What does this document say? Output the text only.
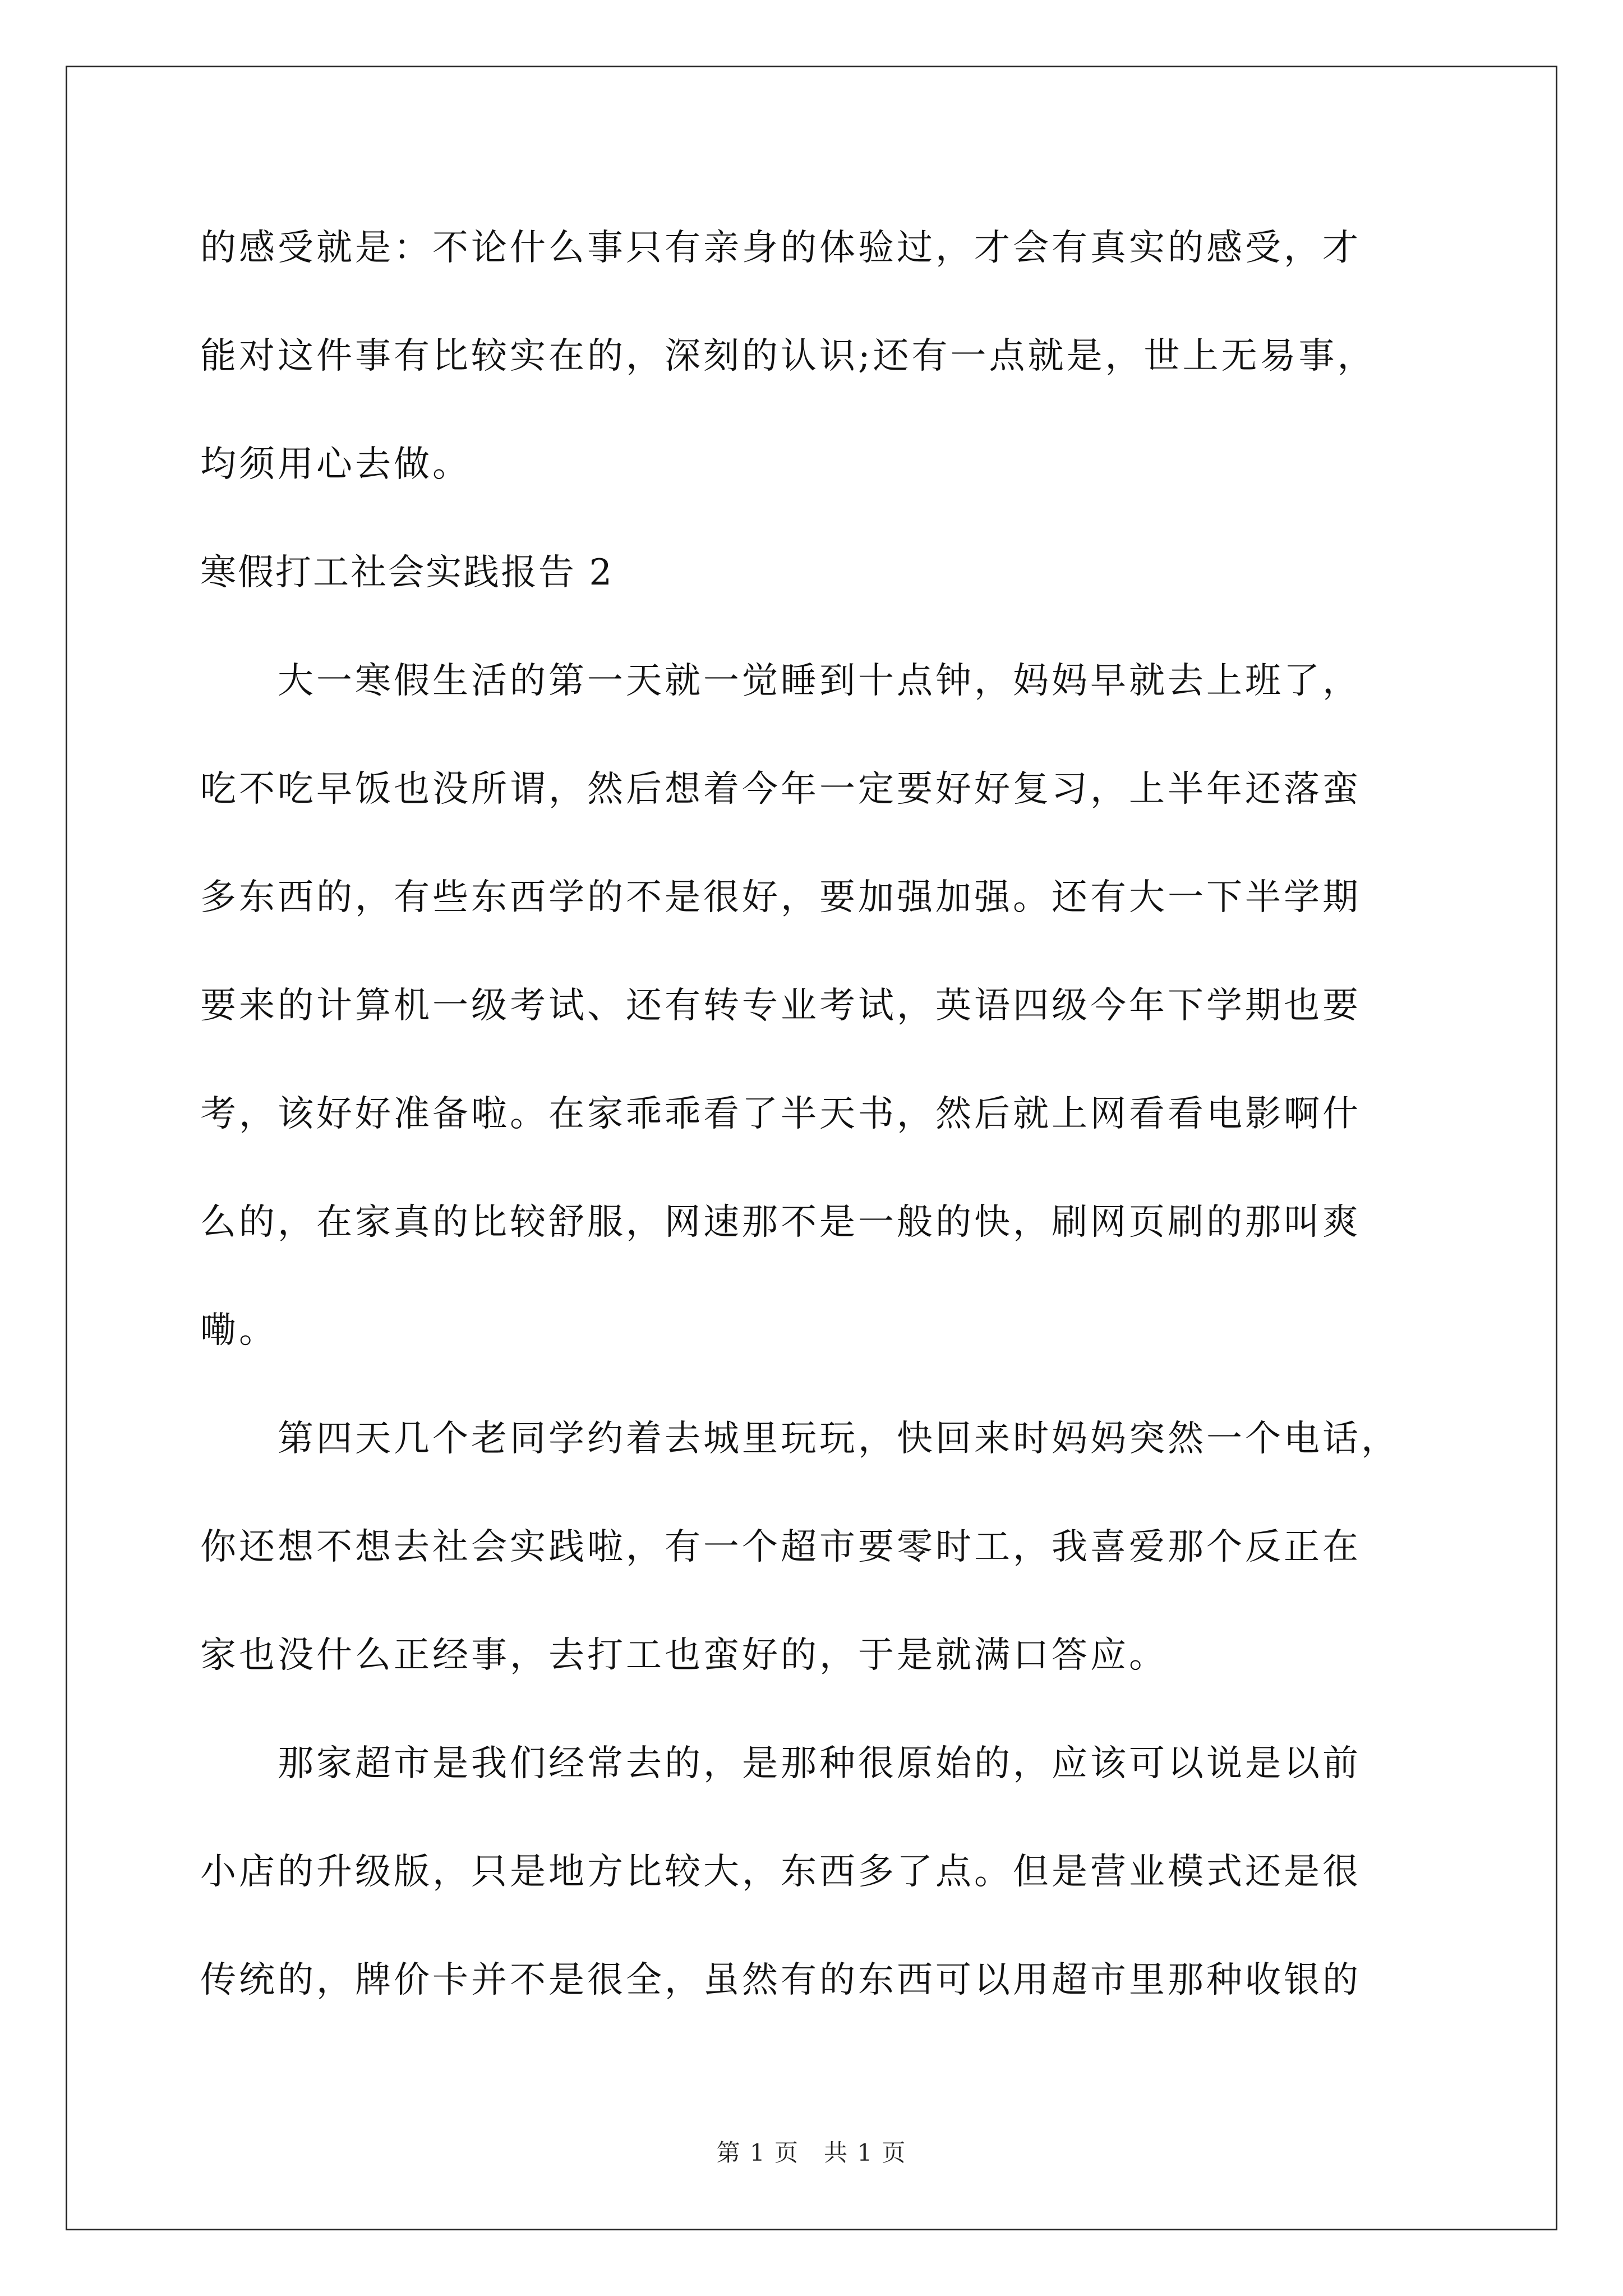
的感受就是：不论什么事只有亲身的体验过，才会有真实的感受，才
能对这件事有比较实在的，深刻的认识;还有一点就是，世上无易事，
均须用心去做。
寒假打工社会实践报告 2
　　大一寒假生活的第一天就一觉睡到十点钟，妈妈早就去上班了，
吃不吃早饭也没所谓，然后想着今年一定要好好复习，上半年还落蛮
多东西的，有些东西学的不是很好，要加强加强。还有大一下半学期
要来的计算机一级考试、还有转专业考试，英语四级今年下学期也要
考，该好好准备啦。在家乖乖看了半天书，然后就上网看看电影啊什
么的，在家真的比较舒服，网速那不是一般的快，刷网页刷的那叫爽
嘞。
　　第四天几个老同学约着去城里玩玩，快回来时妈妈突然一个电话，
你还想不想去社会实践啦，有一个超市要零时工，我喜爱那个反正在
家也没什么正经事，去打工也蛮好的，于是就满口答应。
　　那家超市是我们经常去的，是那种很原始的，应该可以说是以前
小店的升级版，只是地方比较大，东西多了点。但是营业模式还是很
传统的，牌价卡并不是很全，虽然有的东西可以用超市里那种收银的
第 1 页　共 1 页
